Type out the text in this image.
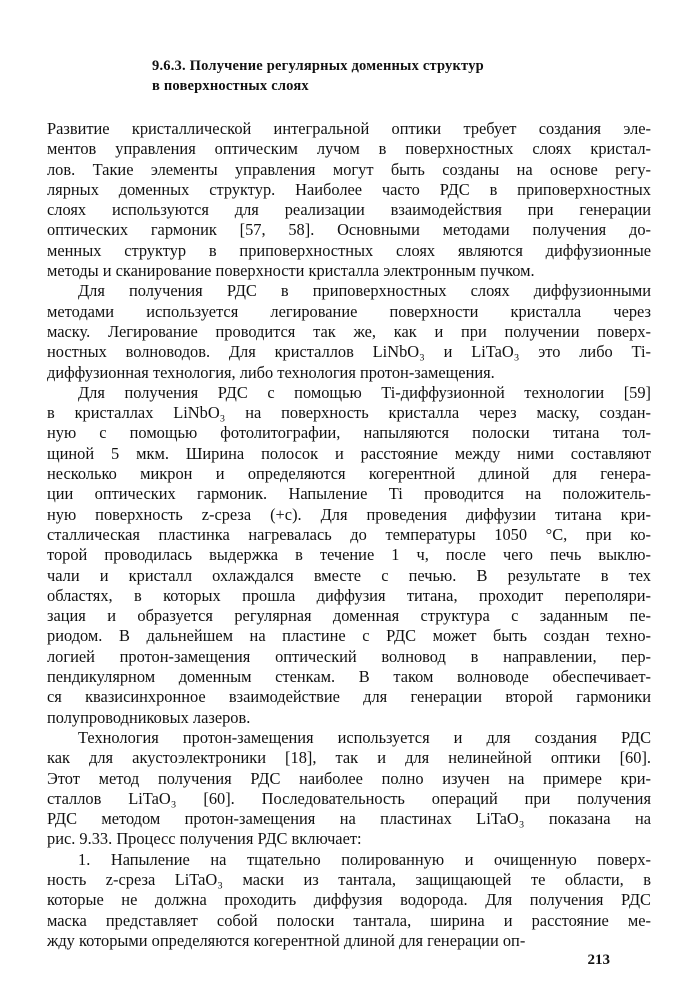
9.6.3. Получение регулярных доменных структур
в поверхностных слоях

Развитие кристаллической интегральной оптики требует создания эле-
ментов управления оптическим лучом в поверхностных слоях кристал-
лов. Такие элементы управления могут быть созданы на основе регу-
лярных доменных структур. Наиболее часто РДС в приповерхностных
слоях используются для реализации взаимодействия при генерации
оптических гармоник [57, 58]. Основными методами получения до-
менных структур в приповерхностных слоях являются диффузионные
методы и сканирование поверхности кристалла электронным пучком.

Для получения РДС в приповерхностных слоях диффузионными
методами используется легирование поверхности кристалла через
маску. Легирование проводится так же, как и при получении поверх-
ностных волноводов. Для кристаллов LiNbO₃ и LiTaO₃ это либо Ti-
диффузионная технология, либо технология протон-замещения.

Для получения РДС с помощью Ti-диффузионной технологии [59]
в кристаллах LiNbO₃ на поверхность кристалла через маску, создан-
ную с помощью фотолитографии, напыляются полоски титана тол-
щиной 5 мкм. Ширина полосок и расстояние между ними составляют
несколько микрон и определяются когерентной длиной для генера-
ции оптических гармоник. Напыление Ti проводится на положитель-
ную поверхность z-среза (+c). Для проведения диффузии титана кри-
сталлическая пластинка нагревалась до температуры 1050 °C, при ко-
торой проводилась выдержка в течение 1 ч, после чего печь выклю-
чали и кристалл охлаждался вместе с печью. В результате в тех
областях, в которых прошла диффузия титана, проходит переполяри-
зация и образуется регулярная доменная структура с заданным пе-
риодом. В дальнейшем на пластине с РДС может быть создан техно-
логией протон-замещения оптический волновод в направлении, пер-
пендикулярном доменным стенкам. В таком волноводе обеспечивает-
ся квазисинхронное взаимодействие для генерации второй гармоники
полупроводниковых лазеров.

Технология протон-замещения используется и для создания РДС
как для акустоэлектроники [18], так и для нелинейной оптики [60].
Этот метод получения РДС наиболее полно изучен на примере кри-
сталлов LiTaO₃ [60]. Последовательность операций при получения
РДС методом протон-замещения на пластинах LiTaO₃ показана на
рис. 9.33. Процесс получения РДС включает:

1. Напыление на тщательно полированную и очищенную поверх-
ность z-среза LiTaO₃ маски из тантала, защищающей те области, в
которые не должна проходить диффузия водорода. Для получения РДС
маска представляет собой полоски тантала, ширина и расстояние ме-
жду которыми определяются когерентной длиной для генерации оп-

213
